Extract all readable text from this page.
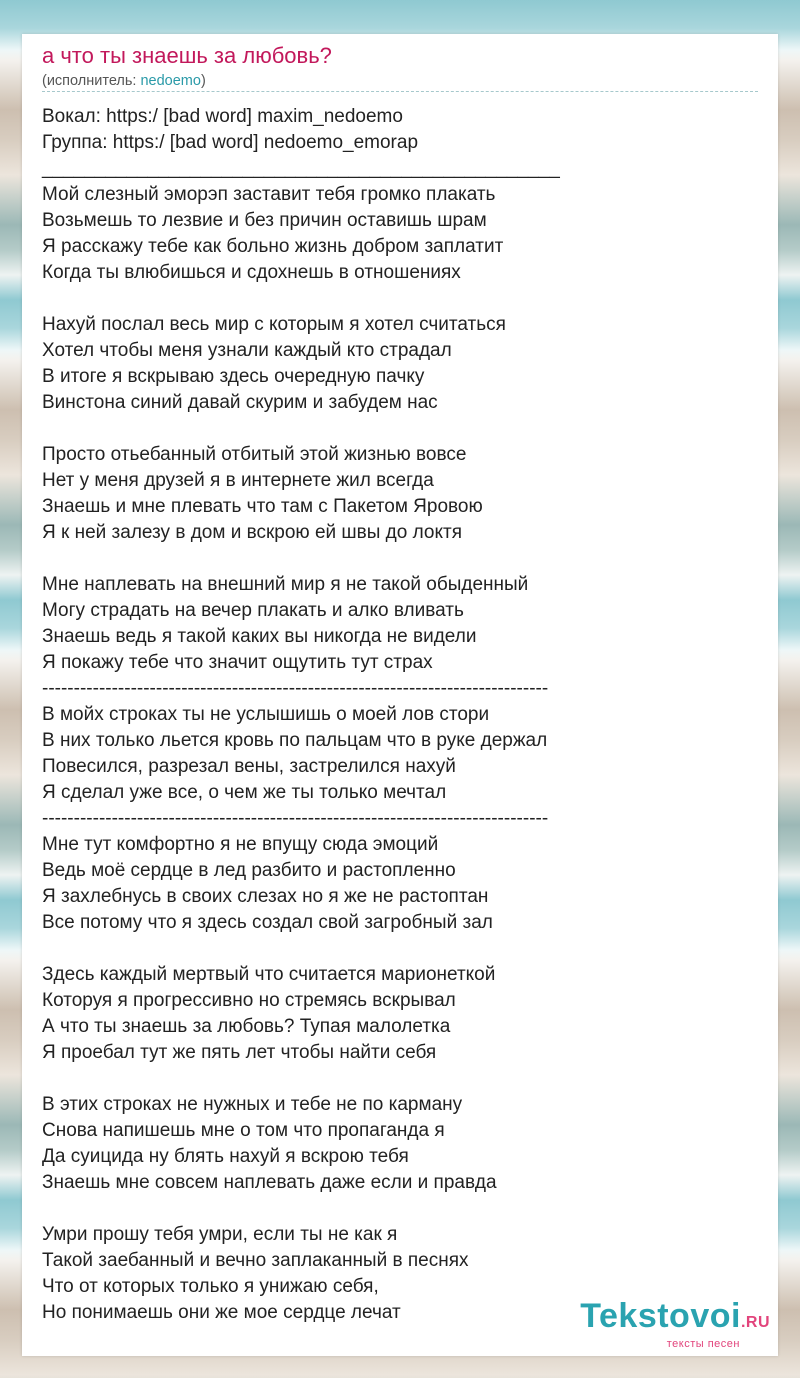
а что ты знаешь за любовь?
(исполнитель: nedoemo)
Вокал: https:/ [bad word] maxim_nedoemo
Группа: https:/ [bad word] nedoemo_emorap
_________________________________________________
Мой слезный эморэп заставит тебя громко плакать
Возьмешь то лезвие и без причин оставишь шрам
Я расскажу тебе как больно жизнь добром заплатит
Когда ты влюбишься и сдохнешь в отношениях
Нахуй послал весь мир с которым я хотел считаться
Хотел чтобы меня узнали каждый кто страдал
В итоге я вскрываю здесь очередную пачку
Винстона синий давай скурим и забудем нас
Просто отьебанный отбитый этой жизнью вовсе
Нет у меня друзей я в интернете жил всегда
Знаешь и мне плевать что там с Пакетом Яровою
Я к ней залезу в дом и вскрою ей швы до локтя
Мне наплевать на внешний мир я не такой обыденный
Могу страдать на вечер плакать и алко вливать
Знаешь ведь я такой каких вы никогда не видели
Я покажу тебе что значит ощутить тут страх
--------------------------------------------------------------------------------
В мойх строках ты не услышишь о моей лов стори
В них только льется кровь по пальцам что в руке держал
Повесился, разрезал вены, застрелился нахуй
Я сделал уже все, о чем же ты только мечтал
--------------------------------------------------------------------------------
Мне тут комфортно я не впущу сюда эмоций
Ведь моё сердце в лед разбито и растопленно
Я захлебнусь в своих слезах но я же не растоптан
Все потому что я здесь создал свой загробный зал
Здесь каждый мертвый что считается марионеткой
Которуя я прогрессивно но стремясь вскрывал
А что ты знаешь за любовь? Тупая малолетка
Я проебал тут же пять лет чтобы найти себя
В этих строках не нужных и тебе не по карману
Снова напишешь мне о том что пропаганда я
Да суицида ну блять нахуй я вскрою тебя
Знаешь мне совсем наплевать даже если и правда
Умри прошу тебя умри, если ты не как я
Такой заебанный и вечно заплаканный в песнях
Что от которых только я унижаю себя,
Но понимаешь они же мое сердце лечат	Tekstovoi.RU
тексты песен
